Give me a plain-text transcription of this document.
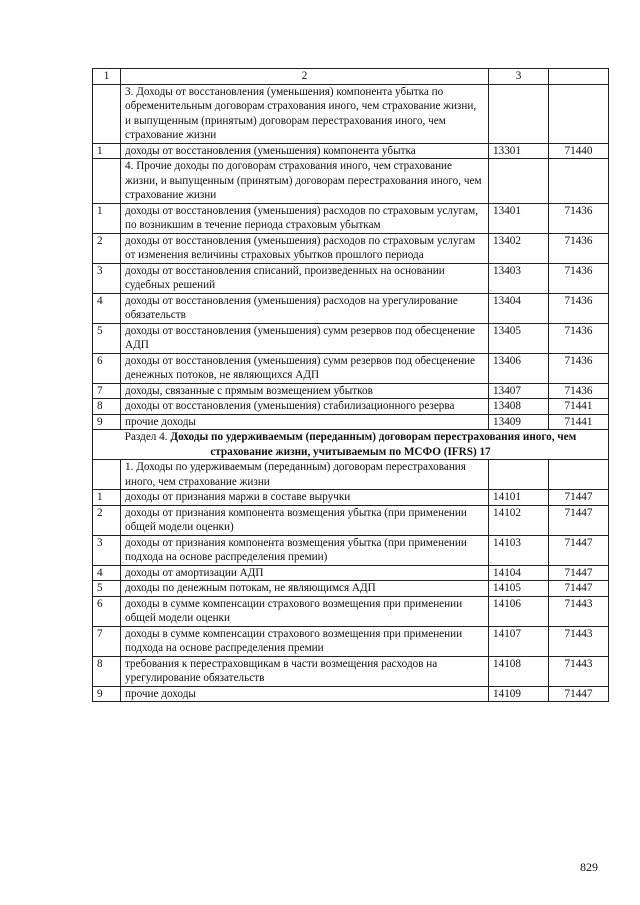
1	2	3	
	3. Доходы от восстановления (уменьшения) компонента убытка по обременительным договорам страхования иного, чем страхование жизни, и выпущенным (принятым) договорам перестрахования иного, чем страхование жизни		
1	доходы от восстановления (уменьшения) компонента убытка	13301	71440
	4. Прочие доходы по договорам страхования иного, чем страхование жизни, и выпущенным (принятым) договорам перестрахования иного, чем страхование жизни		
1	доходы от восстановления (уменьшения) расходов по страховым услугам, по возникшим в течение периода страховым убыткам	13401	71436
2	доходы от восстановления (уменьшения) расходов по страховым услугам от изменения величины страховых убытков прошлого периода	13402	71436
3	доходы от восстановления списаний, произведенных на основании судебных решений	13403	71436
4	доходы от восстановления (уменьшения) расходов на урегулирование обязательств	13404	71436
5	доходы от восстановления (уменьшения) сумм резервов под обесценение АДП	13405	71436
6	доходы от восстановления (уменьшения) сумм резервов под обесценение денежных потоков, не являющихся АДП	13406	71436
7	доходы, связанные с прямым возмещением убытков	13407	71436
8	доходы от восстановления (уменьшения) стабилизационного резерва	13408	71441
9	прочие доходы	13409	71441
Раздел 4. Доходы по удерживаемым (переданным) договорам перестрахования иного, чем страхование жизни, учитываемым по МСФО (IFRS) 17			
	1. Доходы по удерживаемым (переданным) договорам перестрахования иного, чем страхование жизни		
1	доходы от признания маржи в составе выручки	14101	71447
2	доходы от признания компонента возмещения убытка (при применении общей модели оценки)	14102	71447
3	доходы от признания компонента возмещения убытка (при применении подхода на основе распределения премии)	14103	71447
4	доходы от амортизации АДП	14104	71447
5	доходы по денежным потокам, не являющимся АДП	14105	71447
6	доходы в сумме компенсации страхового возмещения при применении общей модели оценки	14106	71443
7	доходы в сумме компенсации страхового возмещения при применении подхода на основе распределения премии	14107	71443
8	требования к перестраховщикам в части возмещения расходов на урегулирование обязательств	14108	71443
9	прочие доходы	14109	71447
829
